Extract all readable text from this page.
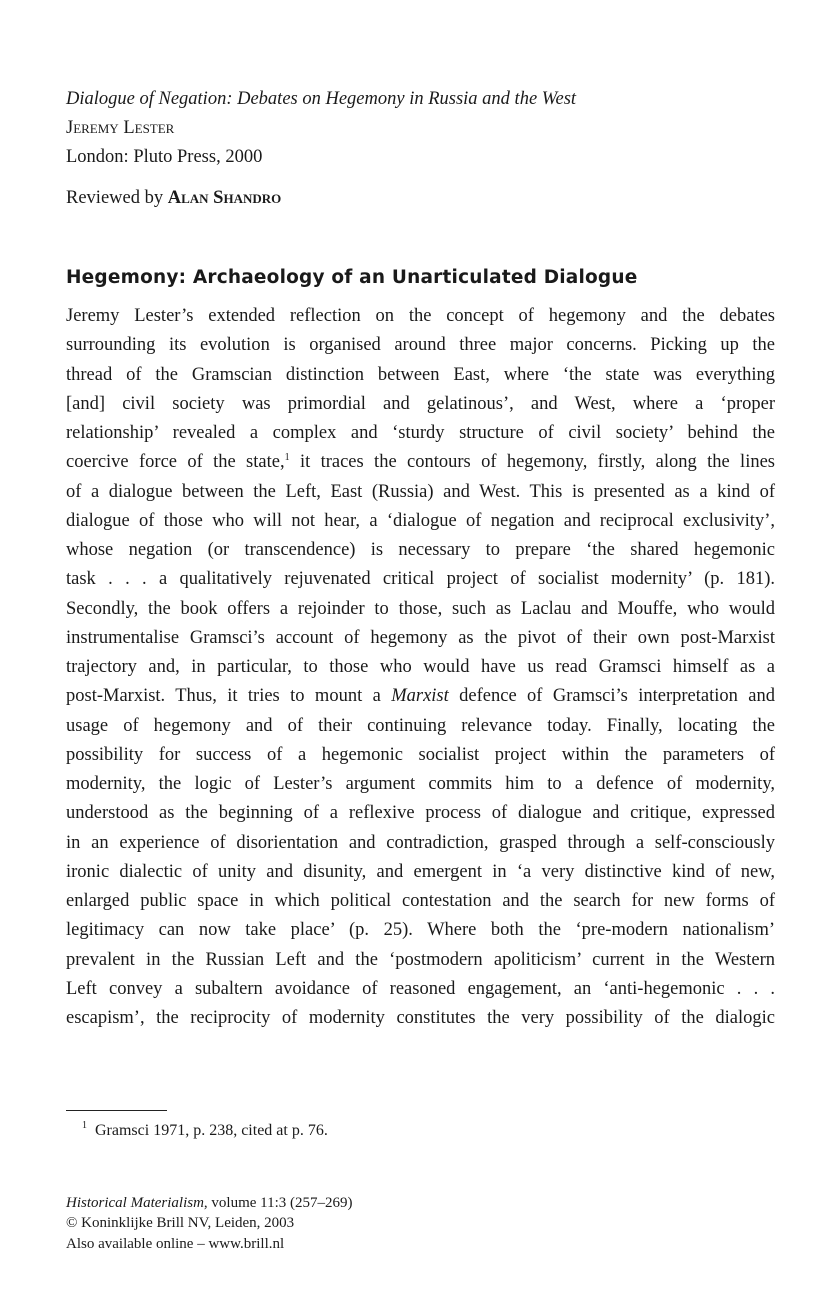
Dialogue of Negation: Debates on Hegemony in Russia and the West
Jeremy Lester
London: Pluto Press, 2000
Reviewed by Alan Shandro
Hegemony: Archaeology of an Unarticulated Dialogue
Jeremy Lester’s extended reflection on the concept of hegemony and the debates
surrounding its evolution is organised around three major concerns. Picking up the
thread of the Gramscian distinction between East, where ‘the state was everything
[and] civil society was primordial and gelatinous’, and West, where a ‘proper
relationship’ revealed a complex and ‘sturdy structure of civil society’ behind the
coercive force of the state,$^1$ it traces the contours of hegemony, firstly, along the lines
of a dialogue between the Left, East (Russia) and West. This is presented as a kind of
dialogue of those who will not hear, a ‘dialogue of negation and reciprocal exclusivity’,
whose negation (or transcendence) is necessary to prepare ‘the shared hegemonic
task . . . a qualitatively rejuvenated critical project of socialist modernity’ (p. 181).
Secondly, the book offers a rejoinder to those, such as Laclau and Mouffe, who would
instrumentalise Gramsci’s account of hegemony as the pivot of their own post-Marxist
trajectory and, in particular, to those who would have us read Gramsci himself as a
post-Marxist. Thus, it tries to mount a Marxist defence of Gramsci’s interpretation and
usage of hegemony and of their continuing relevance today. Finally, locating the
possibility for success of a hegemonic socialist project within the parameters of
modernity, the logic of Lester’s argument commits him to a defence of modernity,
understood as the beginning of a reflexive process of dialogue and critique, expressed
in an experience of disorientation and contradiction, grasped through a self-consciously
ironic dialectic of unity and disunity, and emergent in ‘a very distinctive kind of new,
enlarged public space in which political contestation and the search for new forms of
legitimacy can now take place’ (p. 25). Where both the ‘pre-modern nationalism’
prevalent in the Russian Left and the ‘postmodern apoliticism’ current in the Western
Left convey a subaltern avoidance of reasoned engagement, an ‘anti-hegemonic . . .
escapism’, the reciprocity of modernity constitutes the very possibility of the dialogic
$^1$ Gramsci 1971, p. 238, cited at p. 76.
Historical Materialism, volume 11:3 (257–269)
© Koninklijke Brill NV, Leiden, 2003
Also available online – www.brill.nl
